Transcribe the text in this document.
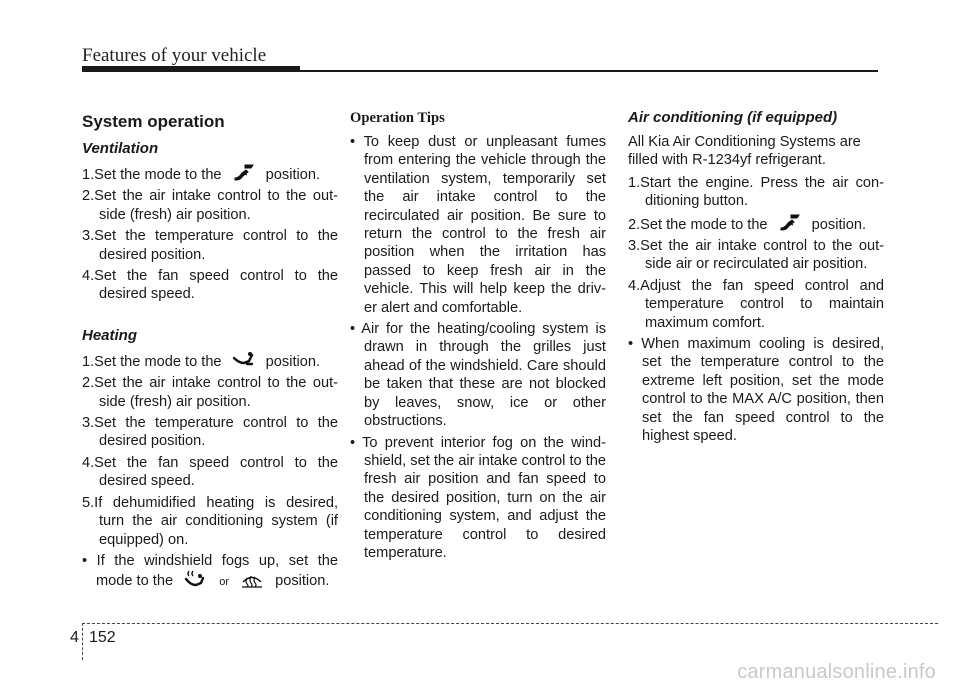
Features of your vehicle
System operation
Ventilation
1.Set the mode to the	position.
2.Set the air intake control to the out-side (fresh) air position.
3.Set the temperature control to the desired position.
4.Set the fan speed control to the desired speed.
Heating
1.Set the mode to the	position.
2.Set the air intake control to the out-side (fresh) air position.
3.Set the temperature control to the desired position.
4.Set the fan speed control to the desired speed.
5.If dehumidified heating is desired, turn the air conditioning system (if equipped) on.
• If the windshield fogs up, set the mode to the	or	position.
Operation Tips
• To keep dust or unpleasant fumes from entering the vehicle through the ventilation system, temporarily set the air intake control to the recirculated air position. Be sure to return the control to the fresh air position when the irritation has passed to keep fresh air in the vehicle. This will help keep the driv-er alert and comfortable.
• Air for the heating/cooling system is drawn in through the grilles just ahead of the windshield. Care should be taken that these are not blocked by leaves, snow, ice or other obstructions.
• To prevent interior fog on the wind-shield, set the air intake control to the fresh air position and fan speed to the desired position, turn on the air conditioning system, and adjust the temperature control to desired temperature.
Air conditioning (if equipped)
All Kia Air Conditioning Systems are filled with R-1234yf refrigerant.
1.Start the engine. Press the air con-ditioning button.
2.Set the mode to the	position.
3.Set the air intake control to the out-side air or recirculated air position.
4.Adjust the fan speed control and temperature control to maintain maximum comfort.
• When maximum cooling is desired, set the temperature control to the extreme left position, set the mode control to the MAX A/C position, then set the fan speed control to the highest speed.
4 152
carmanualsonline.info
